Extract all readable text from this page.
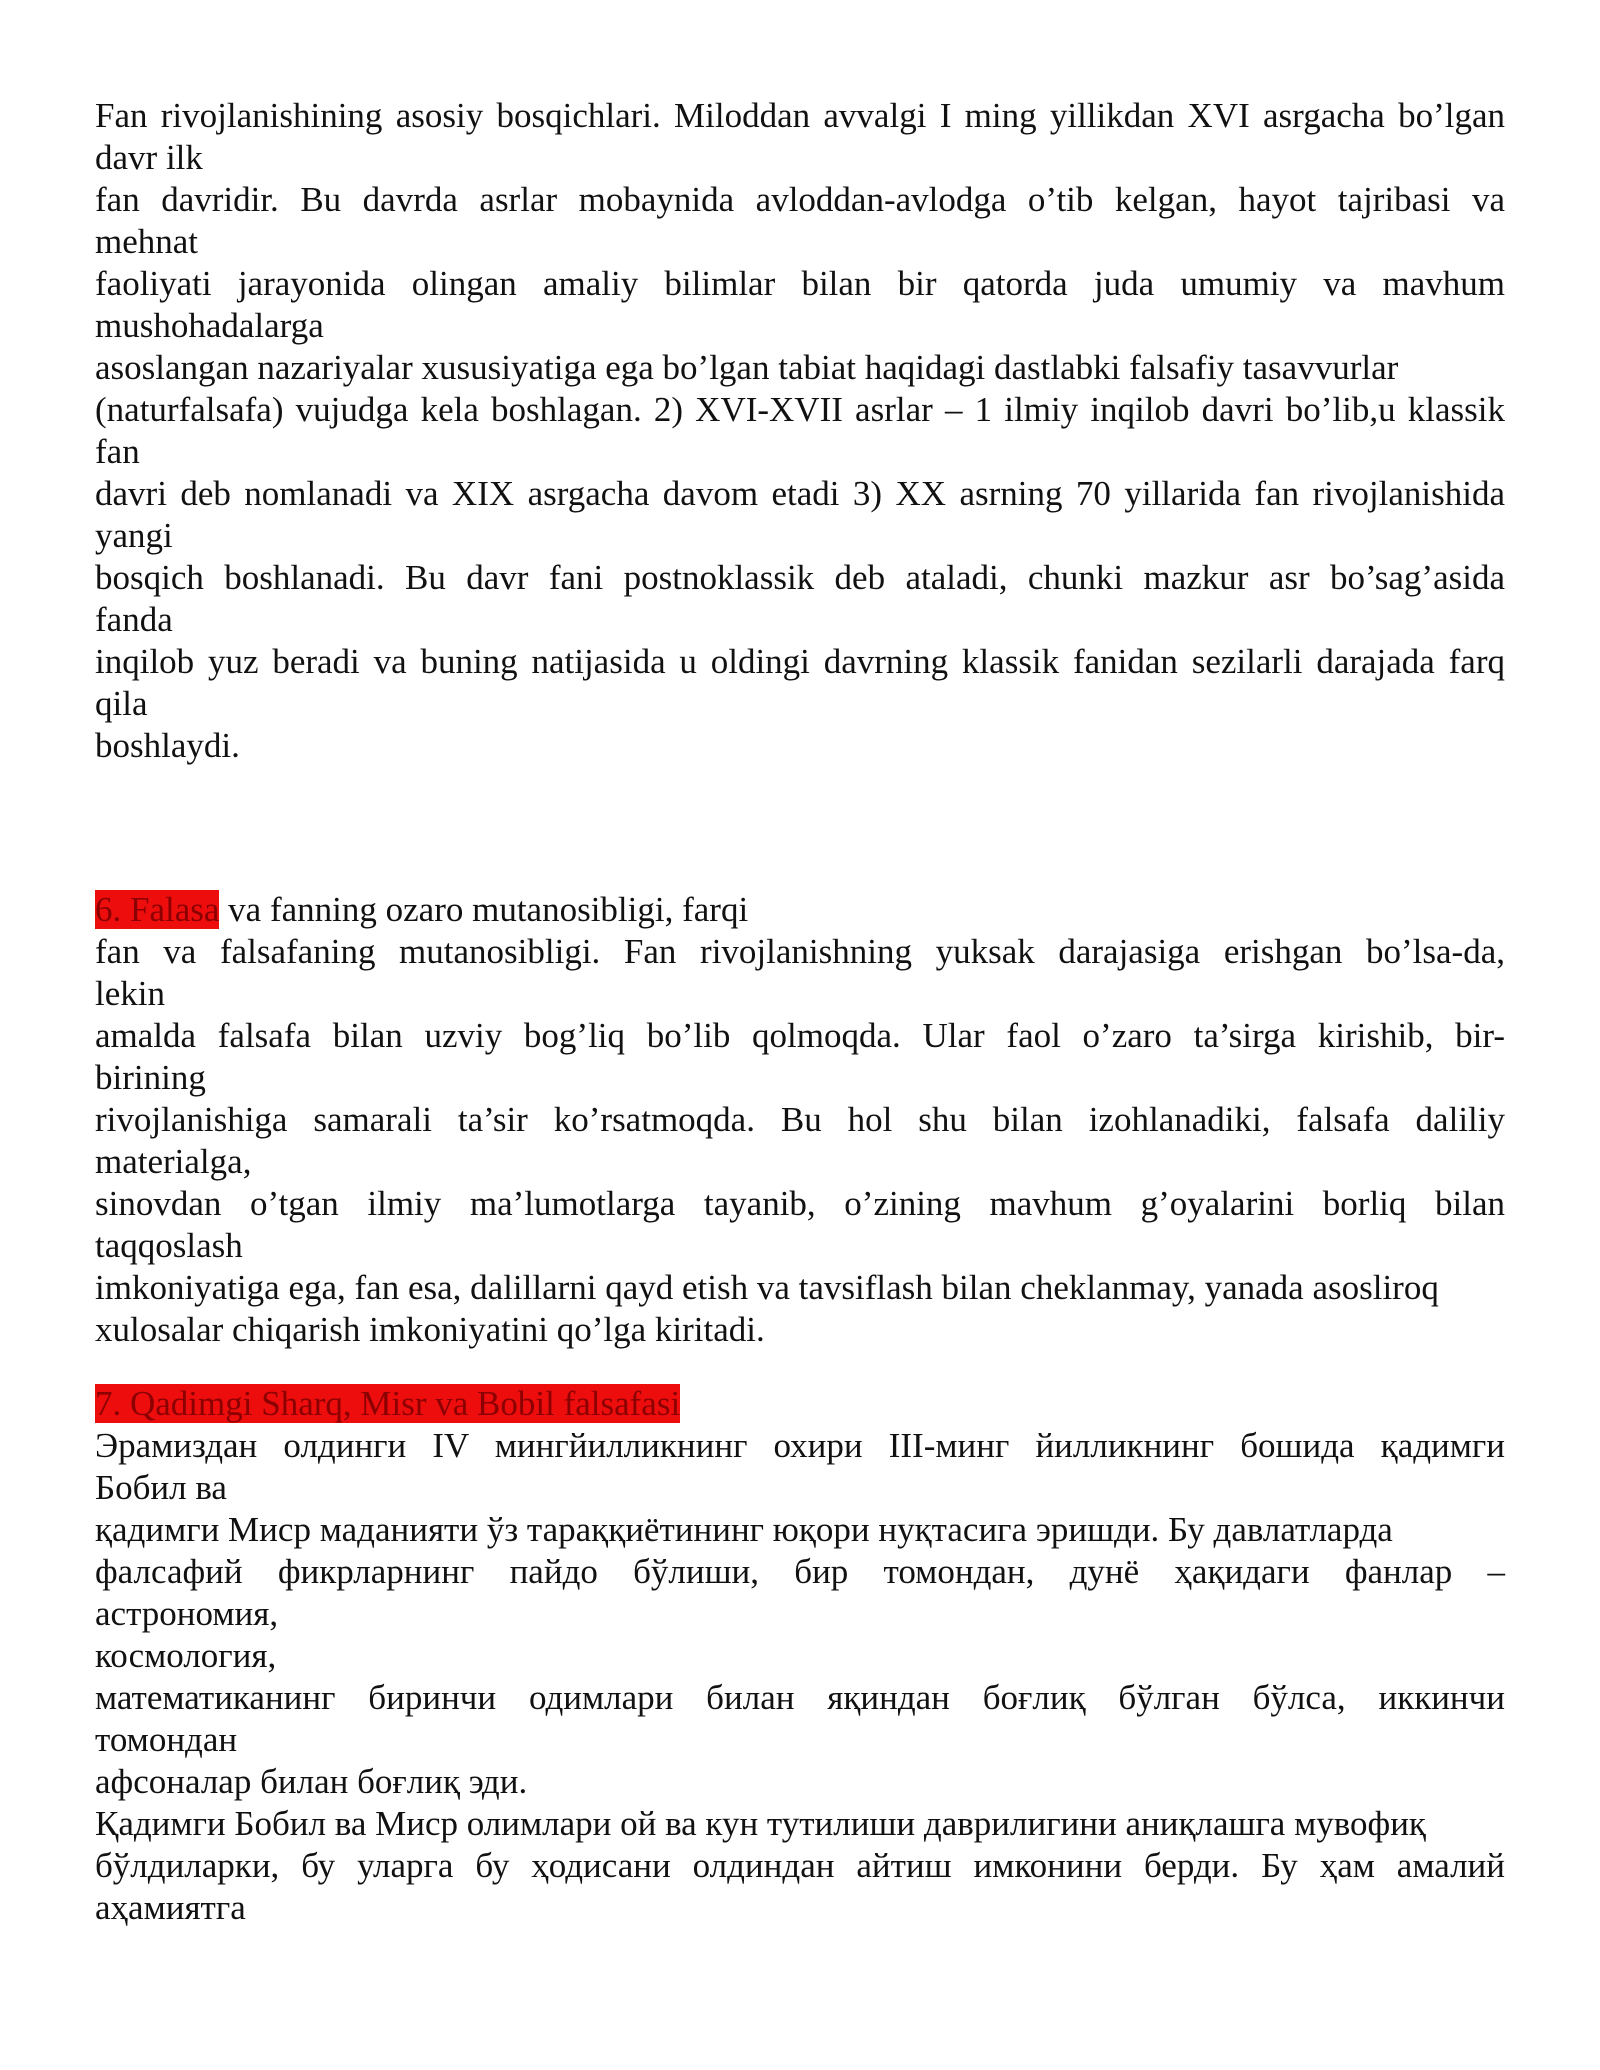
Fan rivojlanishining asosiy bosqichlari. Miloddan avvalgi I ming yillikdan XVI asrgacha bo’lgan
davr ilk
fan davridir. Bu davrda asrlar mobaynida avloddan-avlodga o’tib kelgan, hayot tajribasi va
mehnat
faoliyati jarayonida olingan amaliy bilimlar bilan bir qatorda juda umumiy va mavhum
mushohadalarga
asoslangan nazariyalar xususiyatiga ega bo’lgan tabiat haqidagi dastlabki falsafiy tasavvurlar
(naturfalsafa) vujudga kela boshlagan. 2) XVI-XVII asrlar – 1 ilmiy inqilob davri bo’lib,u klassik
fan
davri deb nomlanadi va XIX asrgacha davom etadi 3) XX asrning 70 yillarida fan rivojlanishida
yangi
bosqich boshlanadi. Bu davr fani postnoklassik deb ataladi, chunki mazkur asr bo’sag’asida
fanda
inqilob yuz beradi va buning natijasida u oldingi davrning klassik fanidan sezilarli darajada farq
qila
boshlaydi.
6. Falasa va fanning ozaro mutanosibligi, farqi
fan va falsafaning mutanosibligi. Fan rivojlanishning yuksak darajasiga erishgan bo’lsa-da,
lekin
amalda falsafa bilan uzviy bog’liq bo’lib qolmoqda. Ular faol o’zaro ta’sirga kirishib, bir-
birining
rivojlanishiga samarali ta’sir ko’rsatmoqda. Bu hol shu bilan izohlanadiki, falsafa daliliy
materialga,
sinovdan o’tgan ilmiy ma’lumotlarga tayanib, o’zining mavhum g’oyalarini borliq bilan
taqqoslash
imkoniyatiga ega, fan esa, dalillarni qayd etish va tavsiflash bilan cheklanmay, yanada asosliroq
xulosalar chiqarish imkoniyatini qo’lga kiritadi.
7. Qadimgi Sharq, Misr va Bobil falsafasi
Эрамиздан олдинги IV мингйилликнинг охири III-минг йилликнинг бошида қадимги
Бобил ва
қадимги Миср маданияти ўз тараққиётининг юқори нуқтасига эришди. Бу давлатларда
фалсафий фикрларнинг пайдо бўлиши, бир томондан, дунё ҳақидаги фанлар –
астрономия,
космология,
математиканинг биринчи одимлари билан яқиндан боғлиқ бўлган бўлса, иккинчи
томондан
афсоналар билан боғлиқ эди.
Қадимги Бобил ва Миср олимлари ой ва кун тутилиши даврилигини аниқлашга мувофиқ
бўлдиларки, бу уларга бу ҳодисани олдиндан айтиш имконини берди. Бу ҳам амалий
аҳамиятга
